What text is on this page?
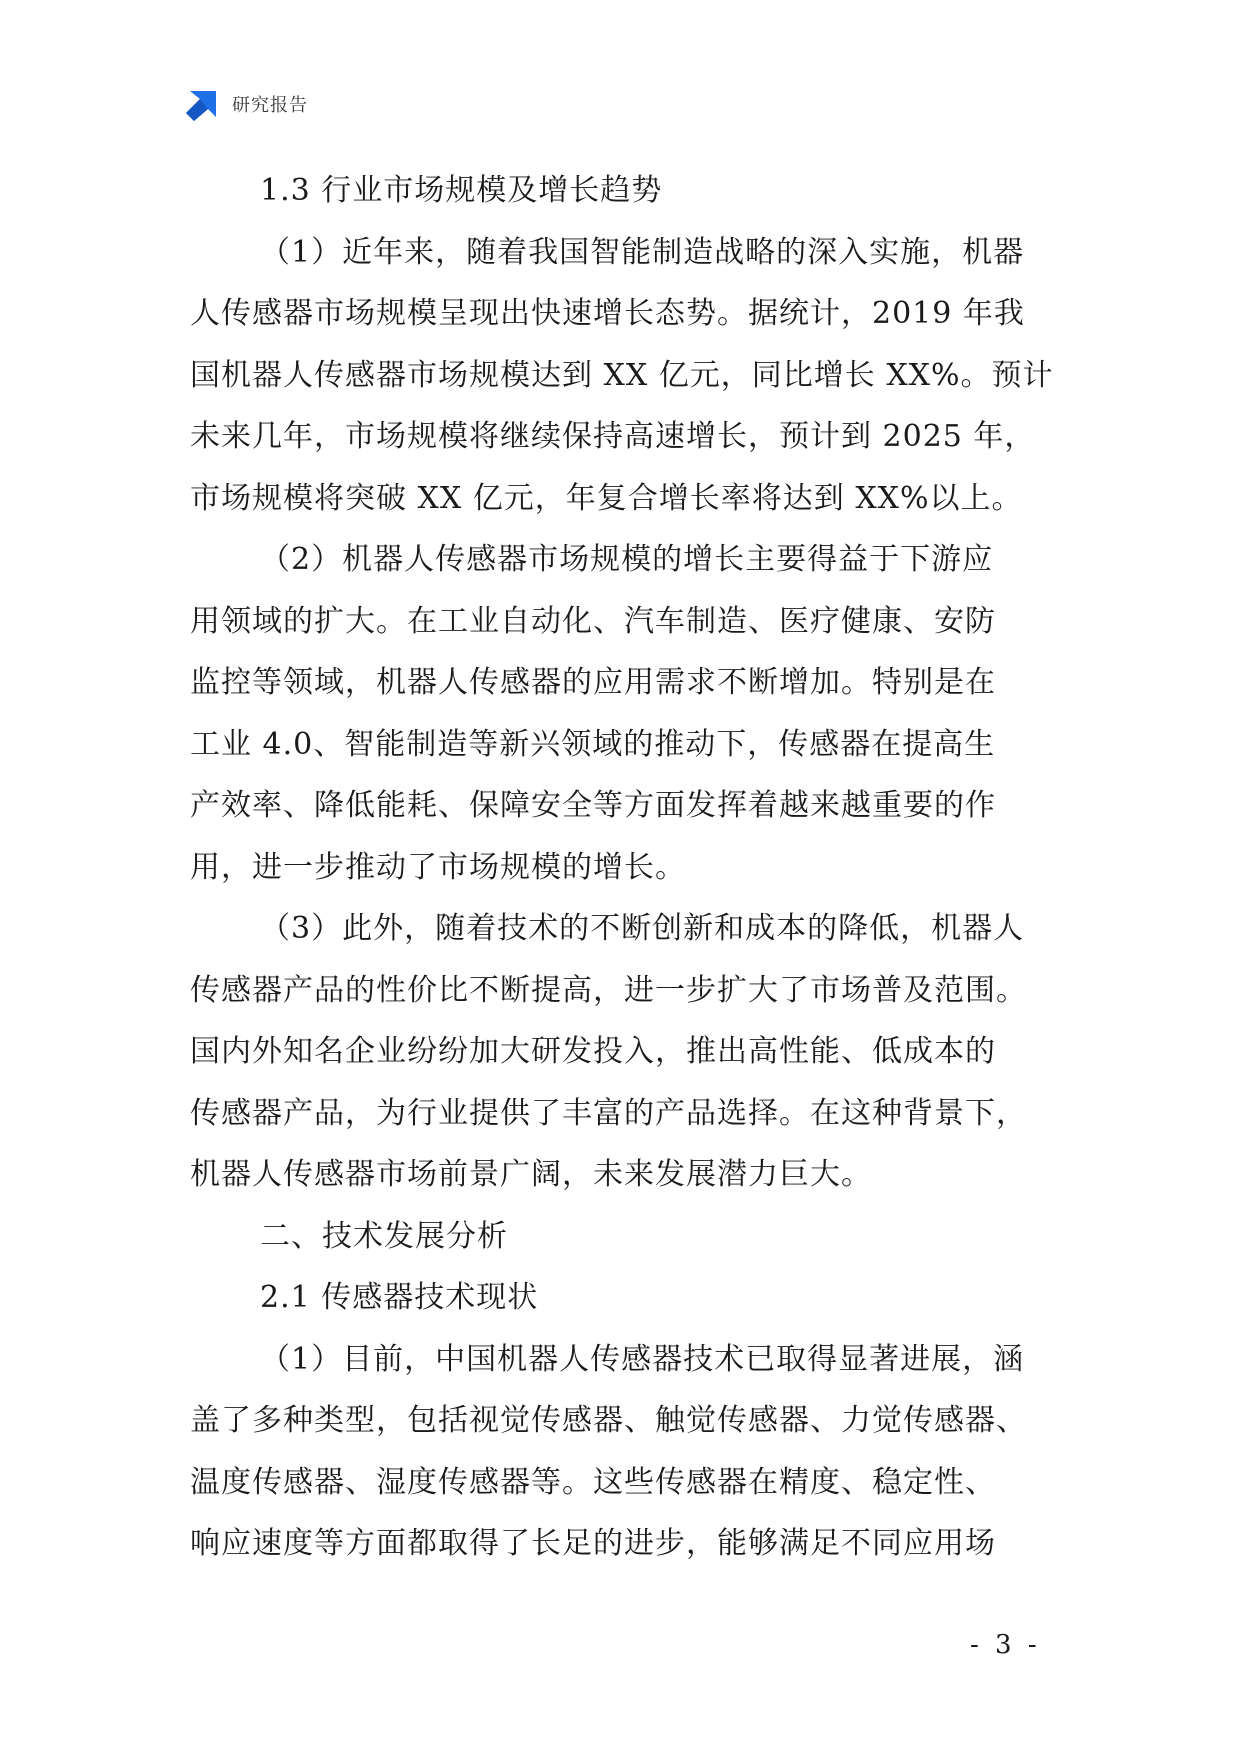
研究报告
1.3 行业市场规模及增长趋势
（1）近年来，随着我国智能制造战略的深入实施，机器
人传感器市场规模呈现出快速增长态势。据统计，2019 年我
国机器人传感器市场规模达到 XX 亿元，同比增长 XX%。预计
未来几年，市场规模将继续保持高速增长，预计到 2025 年，
市场规模将突破 XX 亿元，年复合增长率将达到 XX%以上。
（2）机器人传感器市场规模的增长主要得益于下游应
用领域的扩大。在工业自动化、汽车制造、医疗健康、安防
监控等领域，机器人传感器的应用需求不断增加。特别是在
工业 4.0、智能制造等新兴领域的推动下，传感器在提高生
产效率、降低能耗、保障安全等方面发挥着越来越重要的作
用，进一步推动了市场规模的增长。
（3）此外，随着技术的不断创新和成本的降低，机器人
传感器产品的性价比不断提高，进一步扩大了市场普及范围。
国内外知名企业纷纷加大研发投入，推出高性能、低成本的
传感器产品，为行业提供了丰富的产品选择。在这种背景下，
机器人传感器市场前景广阔，未来发展潜力巨大。
二、技术发展分析
2.1 传感器技术现状
（1）目前，中国机器人传感器技术已取得显著进展，涵
盖了多种类型，包括视觉传感器、触觉传感器、力觉传感器、
温度传感器、湿度传感器等。这些传感器在精度、稳定性、
响应速度等方面都取得了长足的进步，能够满足不同应用场
- 3 -
